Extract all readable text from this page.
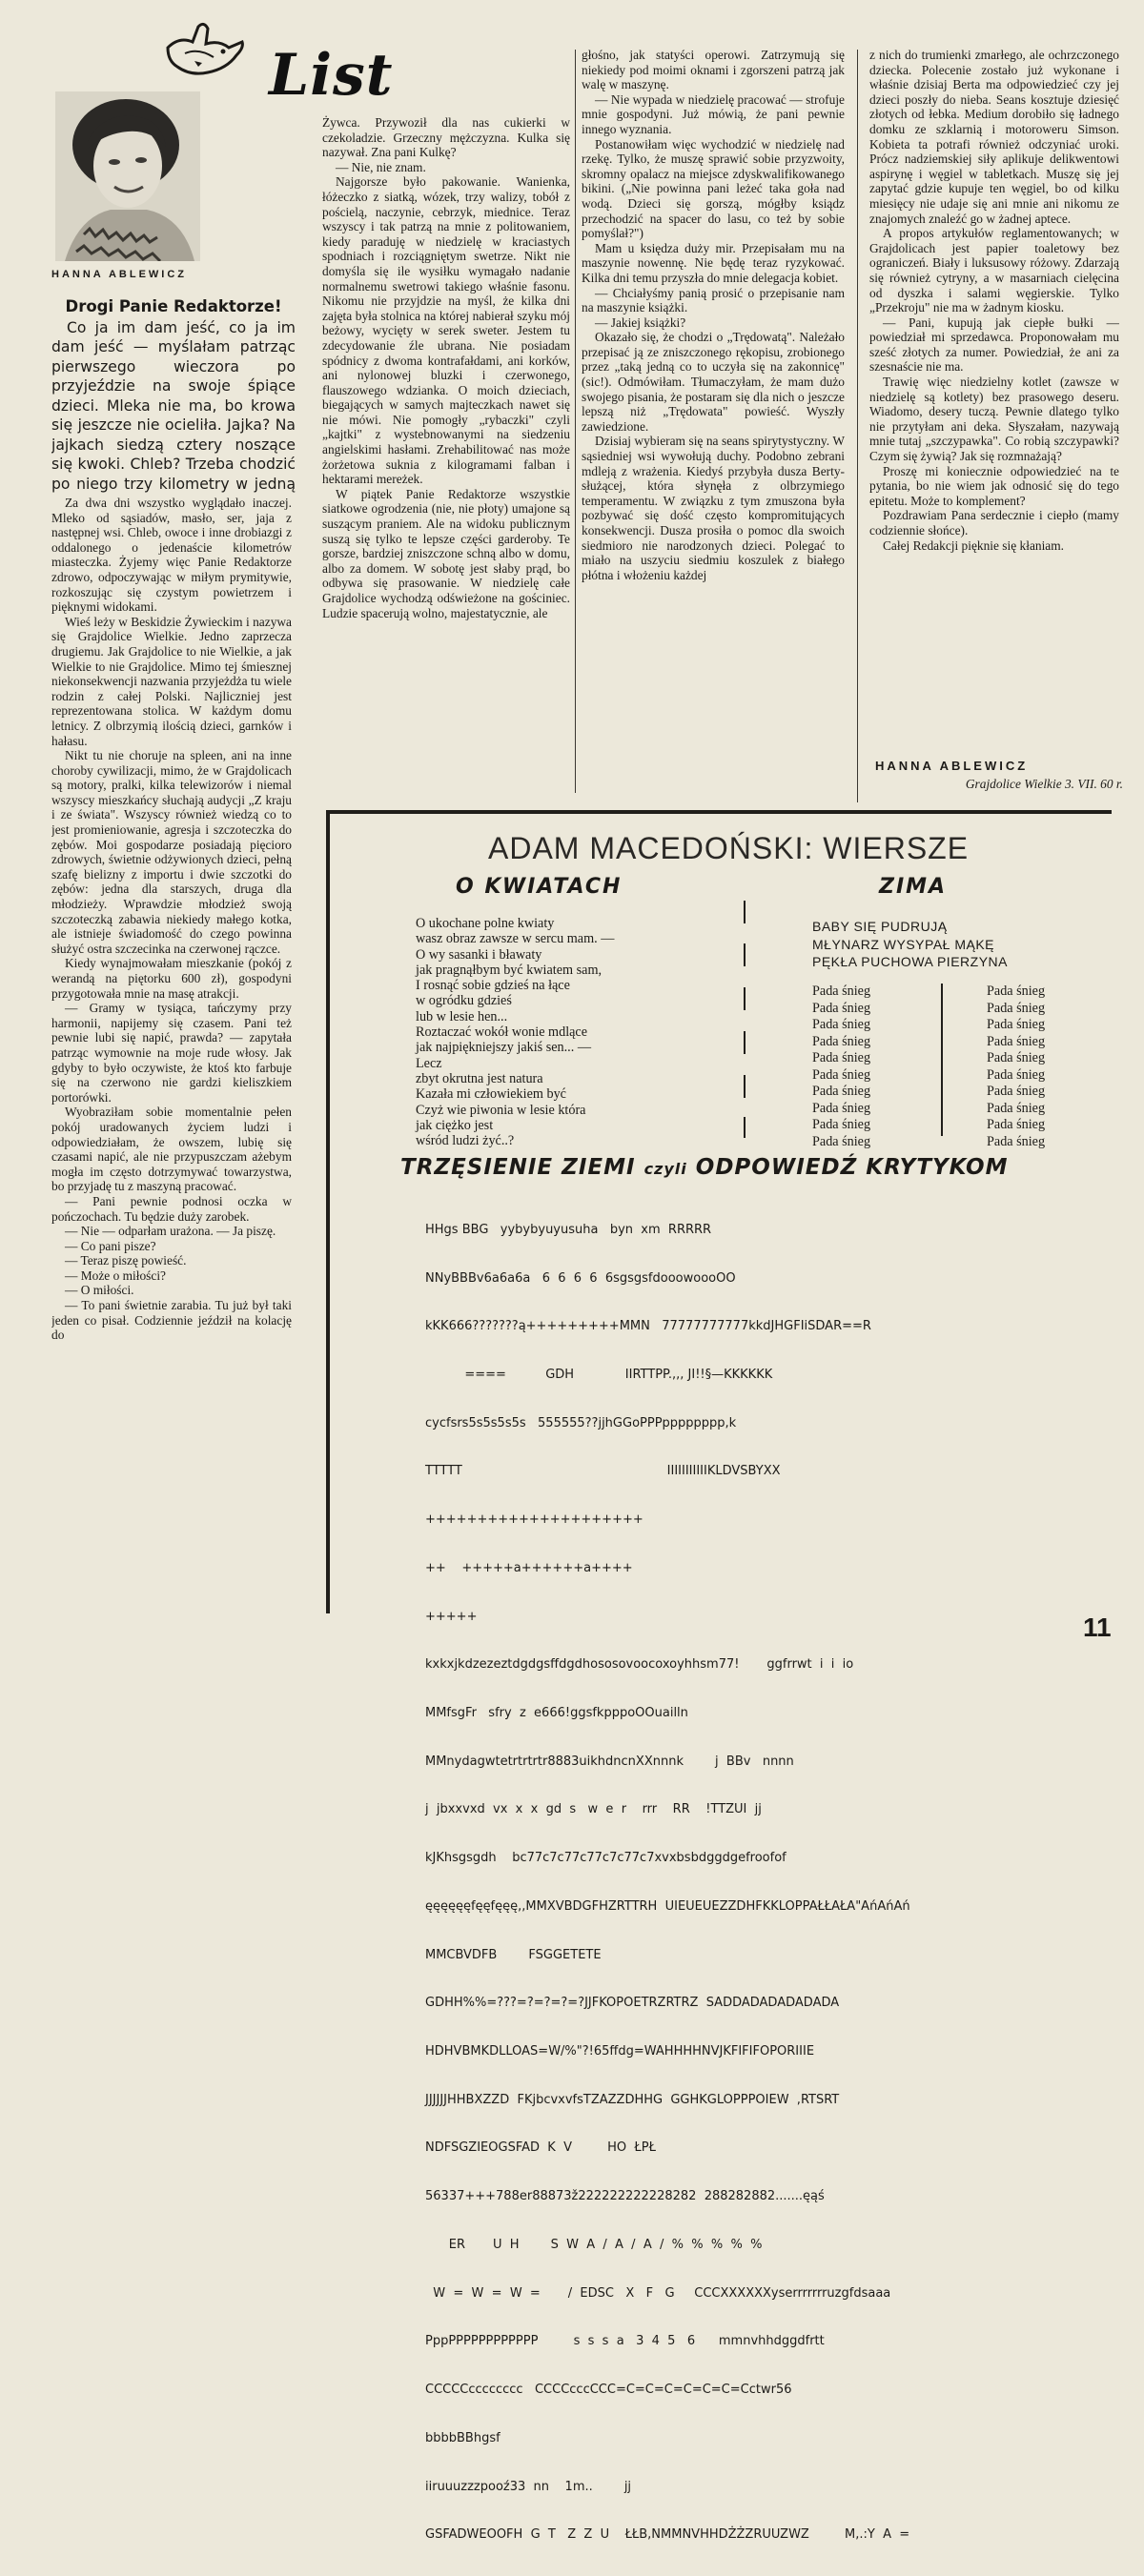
List
HANNA ABLEWICZ
Drogi Panie Redaktorze!
Co ja im dam jeść, co ja im dam jeść — myślałam patrząc pierwszego wieczora po przyjeździe na swoje śpiące dzieci. Mleka nie ma, bo krowa się jeszcze nie ocieliła. Jajka? Na jajkach siedzą cztery noszące się kwoki. Chleb? Trzeba chodzić po niego trzy kilometry w jedną

Za dwa dni wszystko wyglądało inaczej. Mleko od sąsiadów, masło, ser, jaja z następnej wsi. Chleb, owoce i inne drobiazgi z oddalonego o jedenaście kilometrów miasteczka. Żyjemy więc Panie Redaktorze zdrowo, odpoczywając w miłym prymitywie, rozkoszując się czystym powietrzem i pięknymi widokami.

Wieś leży w Beskidzie Żywieckim i nazywa się Grajdolice Wielkie. Jedno zaprzecza drugiemu. Jak Grajdolice to nie Wielkie, a jak Wielkie to nie Grajdolice. Mimo tej śmiesznej niekonsekwencji nazwania przyjeżdża tu wiele rodzin z całej Polski. Najliczniej jest reprezentowana stolica. W każdym domu letnicy. Z olbrzymią ilością dzieci, garnków i hałasu.

Nikt tu nie choruje na spleen, ani na inne choroby cywilizacji, mimo, że w Grajdolicach są motory, pralki, kilka telewizorów i niemal wszyscy mieszkańcy słuchają audycji „Z kraju i ze świata". Wszyscy również wiedzą co to jest promieniowanie, agresja i szczoteczka do zębów. Moi gospodarze posiadają pięcioro zdrowych, świetnie odżywionych dzieci, pełną szafę bielizny z importu i dwie szczotki do zębów: jedna dla starszych, druga dla młodzieży. Wprawdzie młodzież swoją szczoteczką zabawia niekiedy małego kotka, ale istnieje świadomość do czego powinna służyć ostra szczecinka na czerwonej rączce.

Kiedy wynajmowałam mieszkanie (pokój z werandą na piętorku 600 zł), gospodyni przygotowała mnie na masę atrakcji.

— Gramy w tysiąca, tańczymy przy harmonii, napijemy się czasem. Pani też pewnie lubi się napić, prawda? — zapytała patrząc wymownie na moje rude włosy. Jak gdyby to było oczywiste, że ktoś kto farbuje się na czerwono nie gardzi kieliszkiem portorówki.

Wyobraziłam sobie momentalnie pełen pokój uradowanych życiem ludzi i odpowiedziałam, że owszem, lubię się czasami napić, ale nie przypuszczam ażebym mogła im często dotrzymywać towarzystwa, bo przyjadę tu z maszyną pracować.

— Pani pewnie podnosi oczka w pończochach. Tu będzie duży zarobek.

— Nie — odparłam urażona. — Ja piszę.

— Co pani pisze?

— Teraz piszę powieść.

— Może o miłości?

— O miłości.

— To pani świetnie zarabia. Tu już był taki jeden co pisał. Codziennie jeździł na kolację do

Żywca. Przywoził dla nas cukierki w czekoladzie. Grzeczny mężczyzna. Kulka się nazywał. Zna pani Kulkę?

— Nie, nie znam.

Najgorsze było pakowanie. Wanienka, łóżeczko z siatką, wózek, trzy walizy, tobół z pościelą, naczynie, cebrzyk, miednice. Teraz wszyscy i tak patrzą na mnie z politowaniem, kiedy paraduję w niedzielę w kraciastych spodniach i rozciągniętym swetrze. Nikt nie domyśla się ile wysiłku wymagało nadanie normalnemu swetrowi takiego właśnie fasonu. Nikomu nie przyjdzie na myśl, że kilka dni zajęta była stolnica na której nabierał szyku mój beżowy, wycięty w serek sweter. Jestem tu zdecydowanie źle ubrana. Nie posiadam spódnicy z dwoma kontrafałdami, ani korków, ani nylonowej bluzki i czerwonego, flauszowego wdzianka. O moich dzieciach, biegających w samych majteczkach nawet się nie mówi. Nie pomogły „rybaczki" czyli „kajtki" z wystebnowanymi na siedzeniu angielskimi hasłami. Zrehabilitować nas może żorżetowa suknia z kilogramami falban i hektarami mereżek.

W piątek Panie Redaktorze wszystkie siatkowe ogrodzenia (nie, nie płoty) umajone są suszącym praniem. Ale na widoku publicznym suszą się tylko te lepsze części garderoby. Te gorsze, bardziej zniszczone schną albo w domu, albo za domem. W sobotę jest słaby prąd, bo odbywa się prasowanie. W niedzielę całe Grajdolice wychodzą odświeżone na gościniec. Ludzie spacerują wolno, majestatycznie, ale

głośno, jak statyści operowi. Zatrzymują się niekiedy pod moimi oknami i zgorszeni patrzą jak walę w maszynę.

— Nie wypada w niedzielę pracować — strofuje mnie gospodyni. Już mówią, że pani pewnie innego wyznania.

Postanowiłam więc wychodzić w niedzielę nad rzekę. Tylko, że muszę sprawić sobie przyzwoity, skromny opalacz na miejsce zdyskwalifikowanego bikini. („Nie powinna pani leżeć taka goła nad wodą. Dzieci się gorszą, mógłby ksiądz przechodzić na spacer do lasu, co też by sobie pomyślał?")

Mam u księdza duży mir. Przepisałam mu na maszynie nowennę. Nie będę teraz ryzykować. Kilka dni temu przyszła do mnie delegacja kobiet.

— Chciałyśmy panią prosić o przepisanie nam na maszynie książki.

— Jakiej książki?

Okazało się, że chodzi o „Trędowatą". Należało przepisać ją ze zniszczonego rękopisu, zrobionego przez „taką jedną co to uczyła się na zakonnicę" (sic!). Odmówiłam. Tłumaczyłam, że mam dużo swojego pisania, że postaram się dla nich o jeszcze lepszą niż „Trędowata" powieść. Wyszły zawiedzione.

Dzisiaj wybieram się na seans spirytystyczny. W sąsiedniej wsi wywołują duchy. Podobno zebrani mdleją z wrażenia. Kiedyś przybyła dusza Berty-służącej, która słynęła z olbrzymiego temperamentu. W związku z tym zmuszona była pozbywać się dość często kompromitujących konsekwencji. Dusza prosiła o pomoc dla swoich siedmioro nie narodzonych dzieci. Polegać to miało na uszyciu siedmiu koszulek z białego płótna i włożeniu każdej

z nich do trumienki zmarłego, ale ochrzczonego dziecka. Polecenie zostało już wykonane i właśnie dzisiaj Berta ma odpowiedzieć czy jej dzieci poszły do nieba. Seans kosztuje dziesięć złotych od łebka. Medium dorobiło się ładnego domku ze szklarnią i motoroweru Simson. Kobieta ta potrafi również odczyniać uroki. Prócz nadziemskiej siły aplikuje delikwentowi aspirynę i węgiel w tabletkach. Muszę się jej zapytać gdzie kupuje ten węgiel, bo od kilku miesięcy nie udaje się ani mnie ani nikomu ze znajomych znaleźć go w żadnej aptece.

A propos artykułów reglamentowanych; w Grajdolicach jest papier toaletowy bez ograniczeń. Biały i luksusowy różowy. Zdarzają się również cytryny, a w masarniach cielęcina od dyszka i salami węgierskie. Tylko „Przekroju" nie ma w żadnym kiosku.

— Pani, kupują jak ciepłe bułki — powiedział mi sprzedawca. Proponowałam mu sześć złotych za numer. Powiedział, że ani za szesnaście nie ma.

Trawię więc niedzielny kotlet (zawsze w niedzielę są kotlety) bez prasowego deseru. Wiadomo, desery tuczą. Pewnie dlatego tylko nie przytyłam ani deka. Słyszałam, nazywają mnie tutaj „szczypawka". Co robią szczypawki? Czym się żywią? Jak się rozmnażają?

Proszę mi koniecznie odpowiedzieć na te pytania, bo nie wiem jak odnosić się do tego epitetu. Może to komplement?

Pozdrawiam Pana serdecznie i ciepło (mamy codziennie słońce).

Całej Redakcji pięknie się kłaniam.

HANNA ABLEWICZ
Grajdolice Wielkie 3. VII. 60 r.
ADAM MACEDOŃSKI: WIERSZE
O KWIATACH	ZIMA
O ukochane polne kwiaty
wasz obraz zawsze w sercu mam. —
O wy sasanki i bławaty
jak pragnąłbym być kwiatem sam,
I rosnąć sobie gdzieś na łące
w ogródku gdzieś
lub w lesie hen...
Roztaczać wokół wonie mdlące
jak najpiękniejszy jakiś sen... —
Lecz
zbyt okrutna jest natura
Kazała mi człowiekiem być
Czyż wie piwonia w lesie która
jak ciężko jest
wśród ludzi żyć..?
BABY SIĘ PUDRUJĄ
MŁYNARZ WYSYPAŁ MĄKĘ
PĘKŁA PUCHOWA PIERZYNA
Pada śnieg
Pada śnieg
Pada śnieg
Pada śnieg
Pada śnieg
Pada śnieg
Pada śnieg
Pada śnieg
Pada śnieg
Pada śnieg
Pada śnieg
Pada śnieg
Pada śnieg
Pada śnieg
Pada śnieg
Pada śnieg
Pada śnieg
Pada śnieg
Pada śnieg
Pada śnieg
TRZĘSIENIE ZIEMI czyli ODPOWIEDŹ KRYTYKOM

HHgs BBG   yybybyuyusuha   byn  xm  RRRRR

NNyBBBv6a6a6a   6  6  6  6  6sgsgsfdooowoooOO

kKK666???????ą+++++++++MMN   77777777777kkdJHGFIiSDAR==R

====          GDH             IIRTTPP.,,, JI!!§—KKKKKK

cycfsrs5s5s5s5s   555555??jjhGGoPPPpppppppp,k

TTTTT                                                    IIIIIIIIIIIKLDVSBYXX

+++++++++++++++++++++

++    +++++a++++++a++++

+++++

kxkxjkdzezeztdgdgsffdgdhososovoocoxoyhhsm77!       ggfrrwt  i  i  io

MMfsgFr   sfry  z  e666!ggsfkpppoOOuailln

MMnydagwtetrtrtrtr8883uikhdncnXXnnnk        j  BBv   nnnn

j  jbxxvxd  vx  x  x  gd  s   w  e  r    rrr    RR    !TTZUI  jj

kJKhsgsgdh    bc77c7c77c77c7c77c7xvxbsbdggdgefroofof

ęęęęęęfęęfęęę,,MMXVBDGFHZRTTRH  UIEUEUEZZDHFKKLOPPAŁŁAŁA"AńAńAń

MMCBVDFB        FSGGETETE

GDHH%%=???=?=?=?=?JJFKOPOETRZRTRZ  SADDADADADADADA

HDHVBMKDLLOAS=W/%"?!65ffdg=WAHHHHNVJKFIFIFOPORIIIE

JJJJJJHHBXZZD  FKjbcvxvfsTZAZZDHHG  GGHKGLOPPPOIEW  ,RTSRT

NDFSGZIEOGSFAD  K  V         HO  ŁPŁ

56337+++788er88873ž222222222228282  288282882.......ęąś

ER       U  H        S  W  A  /  A  /  A  /  %  %  %  %  %

W  =  W  =  W  =       /  EDSC   X   F   G     CCCXXXXXXyserrrrrrruzgfdsaaa

PppPPPPPPPPPPPP         s  s  s  a   3  4  5   6      mmnvhhdggdfrtt

CCCCCcccccccc   CCCCcccCCC=C=C=C=C=C=C=Cctwr56

bbbbBBhgsf

iiruuuzzzpooź33  nn    1m..        jj

GSFADWEOOFH  G  T   Z  Z  U    ŁŁB,NMMNVHHDŻŻZRUUZWZ         M,.:Y  A  =

11
